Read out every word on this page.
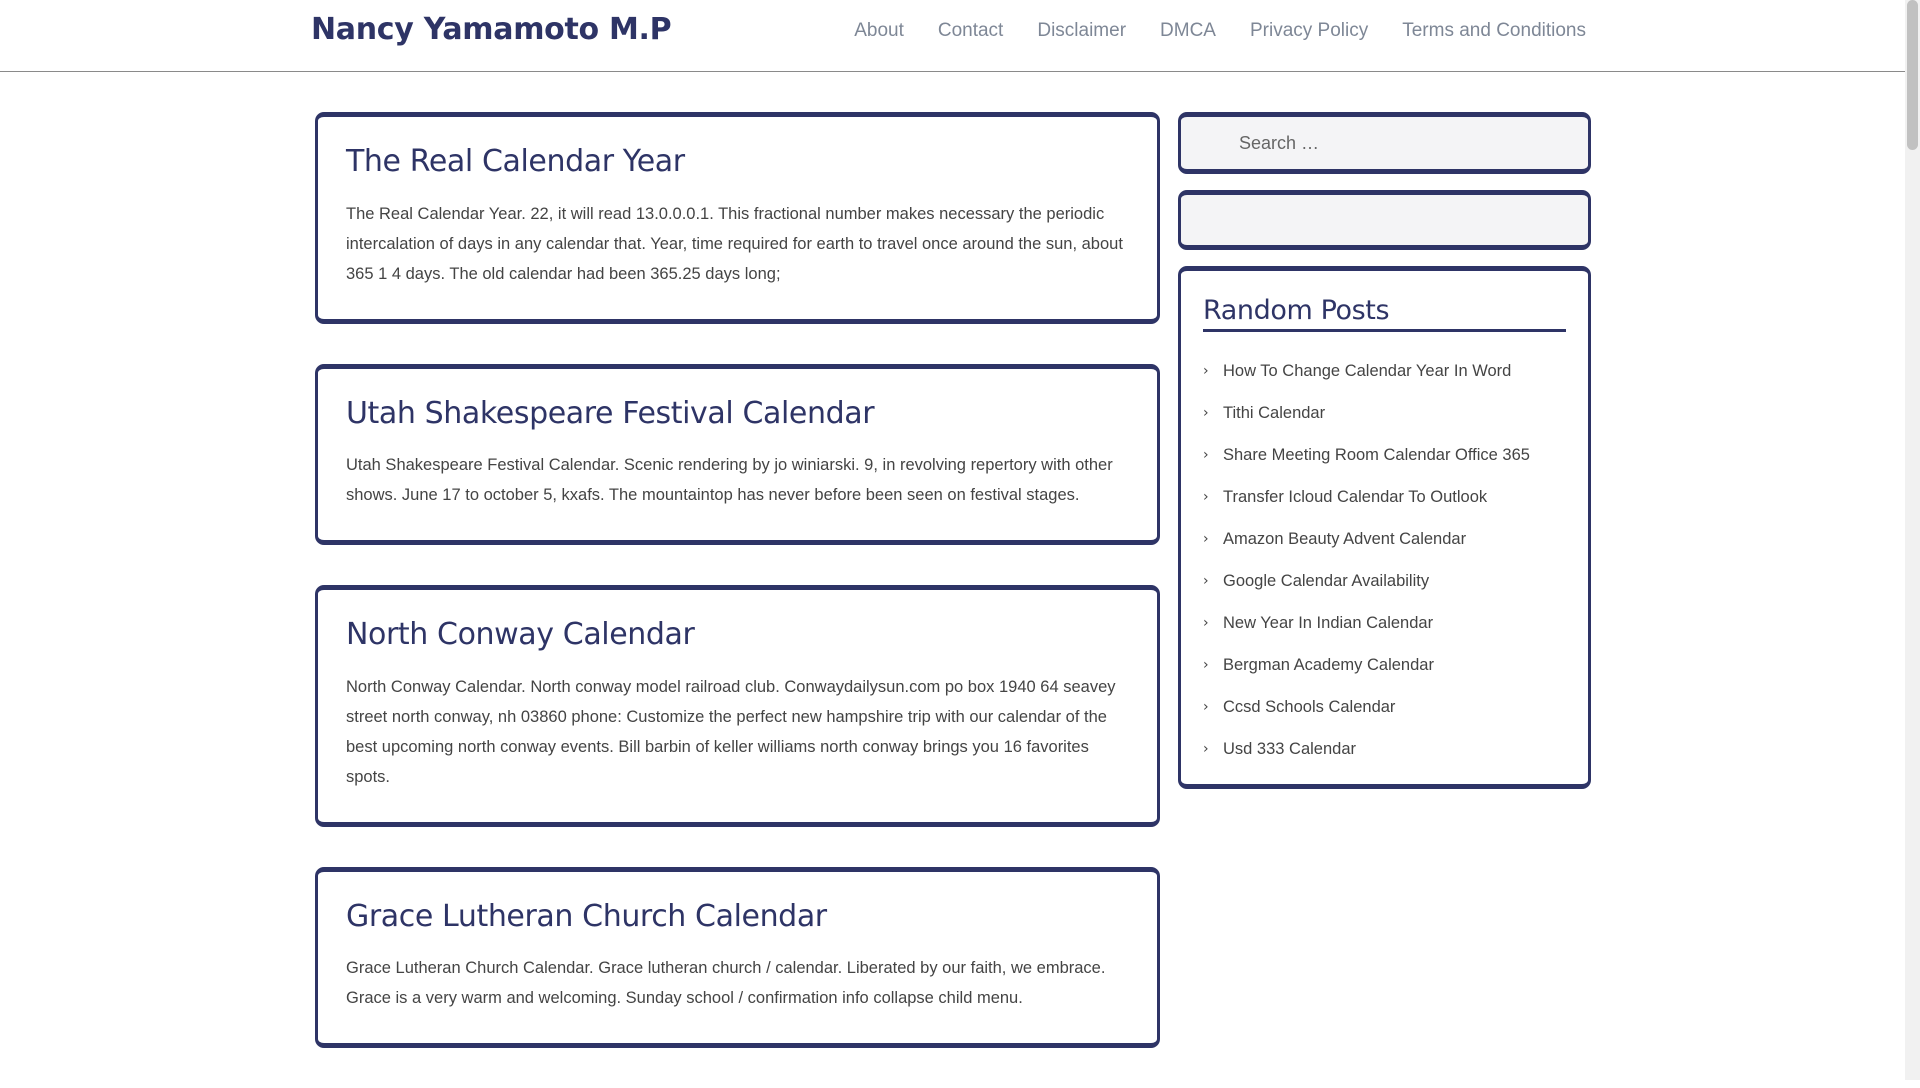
Nancy Yamamoto M.P	About Contact Disclaimer DMCA Privacy Policy Terms and Conditions
The Real Calendar Year

The Real Calendar Year. 22, it will read 13.0.0.0.1. This fractional number makes necessary the periodic intercalation of days in any calendar that. Year, time required for earth to travel once around the sun, about 365 1 4 days. The old calendar had been 365.25 days long;

Utah Shakespeare Festival Calendar

Utah Shakespeare Festival Calendar. Scenic rendering by jo winiarski. 9, in revolving repertory with other shows. June 17 to october 5, kxafs. The mountaintop has never before been seen on festival stages.

North Conway Calendar

North Conway Calendar. North conway model railroad club. Conwaydailysun.com po box 1940 64 seavey street north conway, nh 03860 phone: Customize the perfect new hampshire trip with our calendar of the best upcoming north conway events. Bill barbin of keller williams north conway brings you 16 favorites spots.

Grace Lutheran Church Calendar

Grace Lutheran Church Calendar. Grace lutheran church / calendar. Liberated by our faith, we embrace. Grace is a very warm and welcoming. Sunday school / confirmation info collapse child menu.

Search …
Random Posts
› How To Change Calendar Year In Word
› Tithi Calendar
› Share Meeting Room Calendar Office 365
› Transfer Icloud Calendar To Outlook
› Amazon Beauty Advent Calendar
› Google Calendar Availability
› New Year In Indian Calendar
› Bergman Academy Calendar
› Ccsd Schools Calendar
› Usd 333 Calendar
